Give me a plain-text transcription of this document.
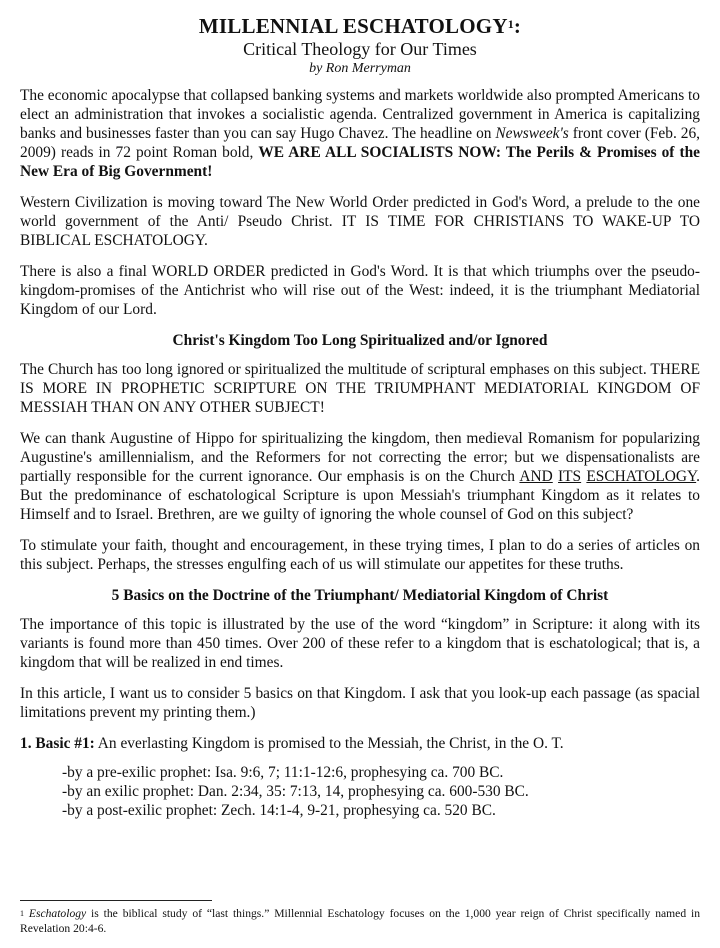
MILLENNIAL ESCHATOLOGY$^1$:
Critical Theology for Our Times
by Ron Merryman

The economic apocalypse that collapsed banking systems and markets worldwide also prompted Americans to elect an administration that invokes a socialistic agenda. Centralized government in America is capitalizing banks and businesses faster than you can say Hugo Chavez. The headline on Newsweek's front cover (Feb. 26, 2009) reads in 72 point Roman bold, WE ARE ALL SOCIALISTS NOW: The Perils & Promises of the New Era of Big Government!

Western Civilization is moving toward The New World Order predicted in God's Word, a prelude to the one world government of the Anti/ Pseudo Christ. IT IS TIME FOR CHRISTIANS TO WAKE-UP TO BIBLICAL ESCHATOLOGY.

There is also a final WORLD ORDER predicted in God's Word. It is that which triumphs over the pseudo-kingdom-promises of the Antichrist who will rise out of the West: indeed, it is the triumphant Mediatorial Kingdom of our Lord.

Christ's Kingdom Too Long Spiritualized and/or Ignored

The Church has too long ignored or spiritualized the multitude of scriptural emphases on this subject. THERE IS MORE IN PROPHETIC SCRIPTURE ON THE TRIUMPHANT MEDIATORIAL KINGDOM OF MESSIAH THAN ON ANY OTHER SUBJECT!

We can thank Augustine of Hippo for spiritualizing the kingdom, then medieval Romanism for popularizing Augustine's amillennialism, and the Reformers for not correcting the error; but we dispensationalists are partially responsible for the current ignorance. Our emphasis is on the Church AND ITS ESCHATOLOGY. But the predominance of eschatological Scripture is upon Messiah's triumphant Kingdom as it relates to Himself and to Israel. Brethren, are we guilty of ignoring the whole counsel of God on this subject?

To stimulate your faith, thought and encouragement, in these trying times, I plan to do a series of articles on this subject. Perhaps, the stresses engulfing each of us will stimulate our appetites for these truths.

5 Basics on the Doctrine of the Triumphant/ Mediatorial Kingdom of Christ

The importance of this topic is illustrated by the use of the word “kingdom” in Scripture: it along with its variants is found more than 450 times. Over 200 of these refer to a kingdom that is eschatological; that is, a kingdom that will be realized in end times.

In this article, I want us to consider 5 basics on that Kingdom. I ask that you look-up each passage (as spacial limitations prevent my printing them.)

1. Basic #1: An everlasting Kingdom is promised to the Messiah, the Christ, in the O. T.
-by a pre-exilic prophet: Isa. 9:6, 7; 11:1-12:6, prophesying ca. 700 BC.
-by an exilic prophet: Dan. 2:34, 35: 7:13, 14, prophesying ca. 600-530 BC.
-by a post-exilic prophet: Zech. 14:1-4, 9-21, prophesying ca. 520 BC.
$^1$ Eschatology is the biblical study of “last things.” Millennial Eschatology focuses on the 1,000 year reign of Christ specifically named in Revelation 20:4-6.
